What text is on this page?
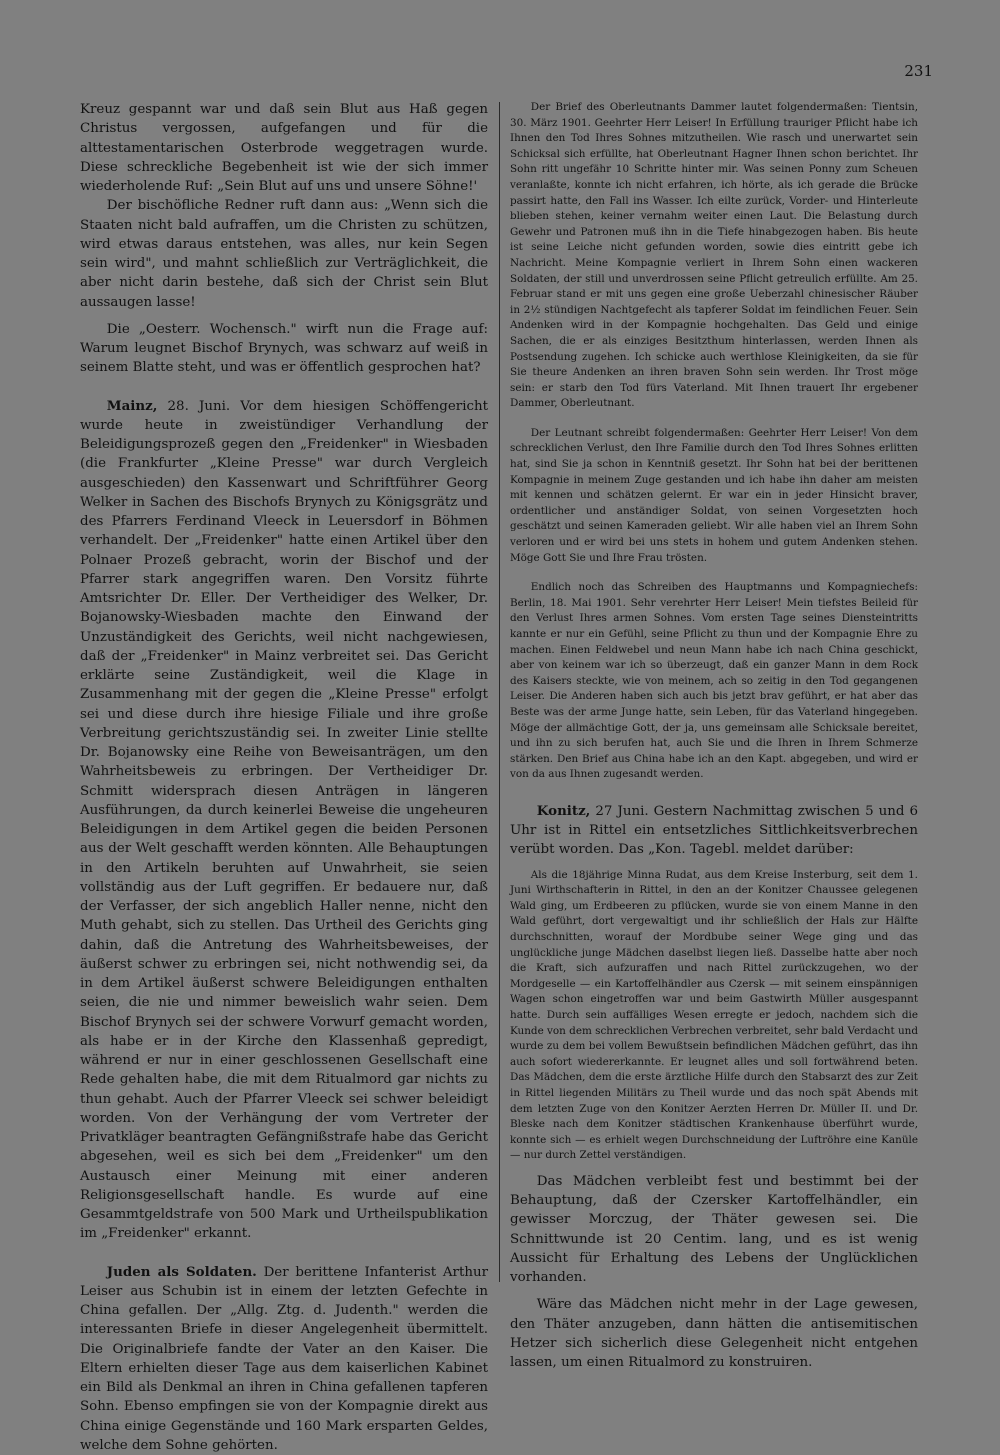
231

Kreuz gespannt war und daß sein Blut aus Haß gegen Christus vergossen, aufgefangen und für die alttestamentarischen Osterbrode weggetragen wurde. Diese schreckliche Begebenheit ist wie der sich immer wiederholende Ruf: „Sein Blut auf uns und unsere Söhne!'

Der bischöfliche Redner ruft dann aus: „Wenn sich die Staaten nicht bald aufraffen, um die Christen zu schützen, wird etwas daraus entstehen, was alles, nur kein Segen sein wird", und mahnt schließlich zur Verträglichkeit, die aber nicht darin bestehe, daß sich der Christ sein Blut aussaugen lasse!

Die „Oesterr. Wochensch." wirft nun die Frage auf: Warum leugnet Bischof Brynych, was schwarz auf weiß in seinem Blatte steht, und was er öffentlich gesprochen hat?

Mainz, 28. Juni. Vor dem hiesigen Schöffengericht wurde heute in zweistündiger Verhandlung der Beleidigungsprozeß gegen den „Freidenker" in Wiesbaden (die Frankfurter „Kleine Presse" war durch Vergleich ausgeschieden) den Kassenwart und Schriftführer Georg Welker in Sachen des Bischofs Brynych zu Königsgrätz und des Pfarrers Ferdinand Vleeck in Leuersdorf in Böhmen verhandelt. Der „Freidenker" hatte einen Artikel über den Polnaer Prozeß gebracht, worin der Bischof und der Pfarrer stark angegriffen waren. Den Vorsitz führte Amtsrichter Dr. Eller. Der Vertheidiger des Welker, Dr. Bojanowsky-Wiesbaden machte den Einwand der Unzuständigkeit des Gerichts, weil nicht nachgewiesen, daß der „Freidenker" in Mainz verbreitet sei. Das Gericht erklärte seine Zuständigkeit, weil die Klage in Zusammenhang mit der gegen die „Kleine Presse" erfolgt sei und diese durch ihre hiesige Filiale und ihre große Verbreitung gerichtszuständig sei. In zweiter Linie stellte Dr. Bojanowsky eine Reihe von Beweisanträgen, um den Wahrheitsbeweis zu erbringen. Der Vertheidiger Dr. Schmitt widersprach diesen Anträgen in längeren Ausführungen, da durch keinerlei Beweise die ungeheuren Beleidigungen in dem Artikel gegen die beiden Personen aus der Welt geschafft werden könnten. Alle Behauptungen in den Artikeln beruhten auf Unwahrheit, sie seien vollständig aus der Luft gegriffen. Er bedauere nur, daß der Verfasser, der sich angeblich Haller nenne, nicht den Muth gehabt, sich zu stellen. Das Urtheil des Gerichts ging dahin, daß die Antretung des Wahrheitsbeweises, der äußerst schwer zu erbringen sei, nicht nothwendig sei, da in dem Artikel äußerst schwere Beleidigungen enthalten seien, die nie und nimmer beweislich wahr seien. Dem Bischof Brynych sei der schwere Vorwurf gemacht worden, als habe er in der Kirche den Klassenhaß gepredigt, während er nur in einer geschlossenen Gesellschaft eine Rede gehalten habe, die mit dem Ritualmord gar nichts zu thun gehabt. Auch der Pfarrer Vleeck sei schwer beleidigt worden. Von der Verhängung der vom Vertreter der Privatkläger beantragten Gefängnißstrafe habe das Gericht abgesehen, weil es sich bei dem „Freidenker" um den Austausch einer Meinung mit einer anderen Religionsgesellschaft handle. Es wurde auf eine Gesammtgeldstrafe von 500 Mark und Urtheilspublikation im „Freidenker" erkannt.

Juden als Soldaten. Der berittene Infanterist Arthur Leiser aus Schubin ist in einem der letzten Gefechte in China gefallen. Der „Allg. Ztg. d. Judenth." werden die interessanten Briefe in dieser Angelegenheit übermittelt. Die Originalbriefe fandte der Vater an den Kaiser. Die Eltern erhielten dieser Tage aus dem kaiserlichen Kabinet ein Bild als Denkmal an ihren in China gefallenen tapferen Sohn. Ebenso empfingen sie von der Kompagnie direkt aus China einige Gegenstände und 160 Mark ersparten Geldes, welche dem Sohne gehörten.

Der Brief des Oberleutnants Dammer lautet folgendermaßen: Tientsin, 30. März 1901. Geehrter Herr Leiser! In Erfüllung trauriger Pflicht habe ich Ihnen den Tod Ihres Sohnes mitzutheilen. Wie rasch und unerwartet sein Schicksal sich erfüllte, hat Oberleutnant Hagner Ihnen schon berichtet. Ihr Sohn ritt ungefähr 10 Schritte hinter mir. Was seinen Ponny zum Scheuen veranlaßte, konnte ich nicht erfahren, ich hörte, als ich gerade die Brücke passirt hatte, den Fall ins Wasser. Ich eilte zurück, Vorder- und Hinterleute blieben stehen, keiner vernahm weiter einen Laut. Die Belastung durch Gewehr und Patronen muß ihn in die Tiefe hinabgezogen haben. Bis heute ist seine Leiche nicht gefunden worden, sowie dies eintritt gebe ich Nachricht. Meine Kompagnie verliert in Ihrem Sohn einen wackeren Soldaten, der still und unverdrossen seine Pflicht getreulich erfüllte. Am 25. Februar stand er mit uns gegen eine große Ueberzahl chinesischer Räuber in 2½ stündigen Nachtgefecht als tapferer Soldat im feindlichen Feuer. Sein Andenken wird in der Kompagnie hochgehalten. Das Geld und einige Sachen, die er als einziges Besitzthum hinterlassen, werden Ihnen als Postsendung zugehen. Ich schicke auch werthlose Kleinigkeiten, da sie für Sie theure Andenken an ihren braven Sohn sein werden. Ihr Trost möge sein: er starb den Tod fürs Vaterland. Mit Ihnen trauert Ihr ergebener Dammer, Oberleutnant.

Der Leutnant schreibt folgendermaßen: Geehrter Herr Leiser! Von dem schrecklichen Verlust, den Ihre Familie durch den Tod Ihres Sohnes erlitten hat, sind Sie ja schon in Kenntniß gesetzt. Ihr Sohn hat bei der berittenen Kompagnie in meinem Zuge gestanden und ich habe ihn daher am meisten mit kennen und schätzen gelernt. Er war ein in jeder Hinsicht braver, ordentlicher und anständiger Soldat, von seinen Vorgesetzten hoch geschätzt und seinen Kameraden geliebt. Wir alle haben viel an Ihrem Sohn verloren und er wird bei uns stets in hohem und gutem Andenken stehen. Möge Gott Sie und Ihre Frau trösten.

Endlich noch das Schreiben des Hauptmanns und Kompagniechefs: Berlin, 18. Mai 1901. Sehr verehrter Herr Leiser! Mein tiefstes Beileid für den Verlust Ihres armen Sohnes. Vom ersten Tage seines Diensteintritts kannte er nur ein Gefühl, seine Pflicht zu thun und der Kompagnie Ehre zu machen. Einen Feldwebel und neun Mann habe ich nach China geschickt, aber von keinem war ich so überzeugt, daß ein ganzer Mann in dem Rock des Kaisers steckte, wie von meinem, ach so zeitig in den Tod gegangenen Leiser. Die Anderen haben sich auch bis jetzt brav geführt, er hat aber das Beste was der arme Junge hatte, sein Leben, für das Vaterland hingegeben. Möge der allmächtige Gott, der ja, uns gemeinsam alle Schicksale bereitet, und ihn zu sich berufen hat, auch Sie und die Ihren in Ihrem Schmerze stärken. Den Brief aus China habe ich an den Kapt. abgegeben, und wird er von da aus Ihnen zugesandt werden.

Konitz, 27 Juni. Gestern Nachmittag zwischen 5 und 6 Uhr ist in Rittel ein entsetzliches Sittlichkeitsverbrechen verübt worden. Das „Kon. Tagebl. meldet darüber:

Als die 18jährige Minna Rudat, aus dem Kreise Insterburg, seit dem 1. Juni Wirthschafterin in Rittel, in den an der Konitzer Chaussee gelegenen Wald ging, um Erdbeeren zu pflücken, wurde sie von einem Manne in den Wald geführt, dort vergewaltigt und ihr schließlich der Hals zur Hälfte durchschnitten, worauf der Mordbube seiner Wege ging und das unglückliche junge Mädchen daselbst liegen ließ. Dasselbe hatte aber noch die Kraft, sich aufzuraffen und nach Rittel zurückzugehen, wo der Mordgeselle — ein Kartoffelhändler aus Czersk — mit seinem einspännigen Wagen schon eingetroffen war und beim Gastwirth Müller ausgespannt hatte. Durch sein auffälliges Wesen erregte er jedoch, nachdem sich die Kunde von dem schrecklichen Verbrechen verbreitet, sehr bald Verdacht und wurde zu dem bei vollem Bewußtsein befindlichen Mädchen geführt, das ihn auch sofort wiedererkannte. Er leugnet alles und soll fortwährend beten. Das Mädchen, dem die erste ärztliche Hilfe durch den Stabsarzt des zur Zeit in Rittel liegenden Militärs zu Theil wurde und das noch spät Abends mit dem letzten Zuge von den Konitzer Aerzten Herren Dr. Müller II. und Dr. Bleske nach dem Konitzer städtischen Krankenhause überführt wurde, konnte sich — es erhielt wegen Durchschneidung der Luftröhre eine Kanüle — nur durch Zettel verständigen.

Das Mädchen verbleibt fest und bestimmt bei der Behauptung, daß der Czersker Kartoffelhändler, ein gewisser Morczug, der Thäter gewesen sei. Die Schnittwunde ist 20 Centim. lang, und es ist wenig Aussicht für Erhaltung des Lebens der Unglücklichen vorhanden.

Wäre das Mädchen nicht mehr in der Lage gewesen, den Thäter anzugeben, dann hätten die antisemitischen Hetzer sich sicherlich diese Gelegenheit nicht entgehen lassen, um einen Ritualmord zu konstruiren.
